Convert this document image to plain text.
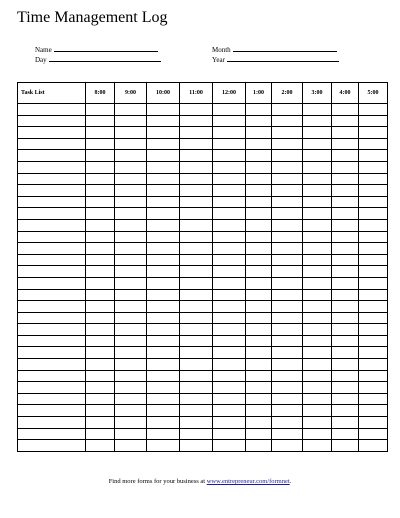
Time Management Log
Name
Day
Month
Year
Task List	8:00	9:00	10:00	11:00	12:00	1:00	2:00	3:00	4:00	5:00

Find more forms for your business at www.entrepreneur.com/formnet.
